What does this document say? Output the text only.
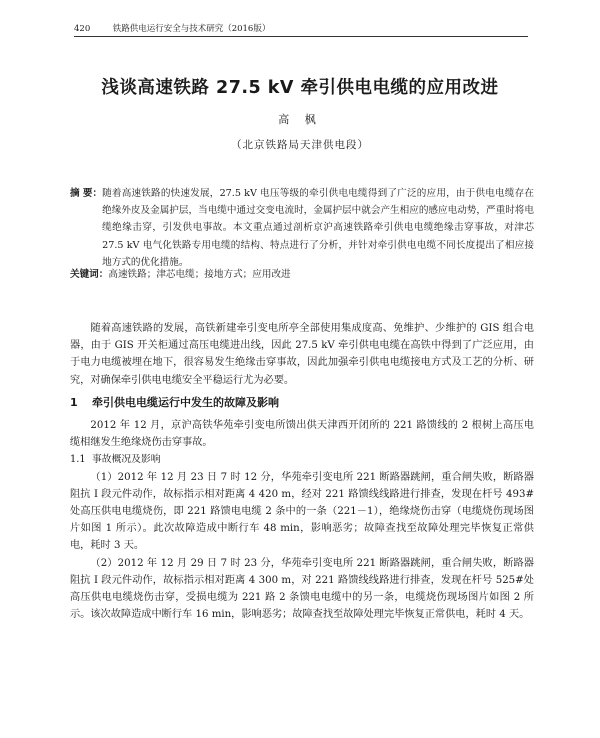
420	铁路供电运行安全与技术研究（2016版）
浅谈高速铁路 27.5 kV 牵引供电电缆的应用改进
高 枫
（北京铁路局天津供电段）
摘 要： 随着高速铁路的快速发展，27.5 kV 电压等级的牵引供电电缆得到了广泛的应用，由于供电电缆存在绝缘外皮及金属护层，当电缆中通过交变电流时，金属护层中就会产生相应的感应电动势，严重时将电缆绝缘击穿，引发供电事故。本文重点通过剖析京沪高速铁路牵引供电电缆绝缘击穿事故，对津芯 27.5 kV 电气化铁路专用电缆的结构、特点进行了分析，并针对牵引供电电缆不同长度提出了相应接地方式的优化措施。
关键词：高速铁路；津芯电缆；接地方式；应用改进

随着高速铁路的发展，高铁新建牵引变电所亭全部使用集成度高、免维护、少维护的 GIS 组合电器，由于 GIS 开关柜通过高压电缆进出线，因此 27.5 kV 牵引供电电缆在高铁中得到了广泛应用，由于电力电缆被埋在地下，很容易发生绝缘击穿事故，因此加强牵引供电电缆接电方式及工艺的分析、研究，对确保牵引供电电缆安全平稳运行尤为必要。

1 牵引供电电缆运行中发生的故障及影响

2012 年 12 月，京沪高铁华苑牵引变电所馈出供天津西开闭所的 221 路馈线的 2 根树上高压电缆相继发生绝缘烧伤击穿事故。

1.1 事故概况及影响

（1）2012 年 12 月 23 日 7 时 12 分，华苑牵引变电所 221 断路器跳闸，重合闸失败，断路器阻抗 I 段元件动作，故标指示相对距离 4 420 m，经对 221 路馈线线路进行排查，发现在杆号 493#处高压供电电缆烧伤，即 221 路馈电电缆 2 条中的一条（221－1），绝缘烧伤击穿（电缆烧伤现场图片如图 1 所示）。此次故障造成中断行车 48 min，影响恶劣；故障查找至故障处理完毕恢复正常供电，耗时 3 天。

（2）2012 年 12 月 29 日 7 时 23 分，华苑牵引变电所 221 断路器跳闸，重合闸失败，断路器阻抗 I 段元件动作，故标指示相对距离 4 300 m，对 221 路馈线线路进行排查，发现在杆号 525#处高压供电电缆烧伤击穿，受损电缆为 221 路 2 条馈电电缆中的另一条，电缆烧伤现场图片如图 2 所示。该次故障造成中断行车 16 min，影响恶劣；故障查找至故障处理完毕恢复正常供电，耗时 4 天。
